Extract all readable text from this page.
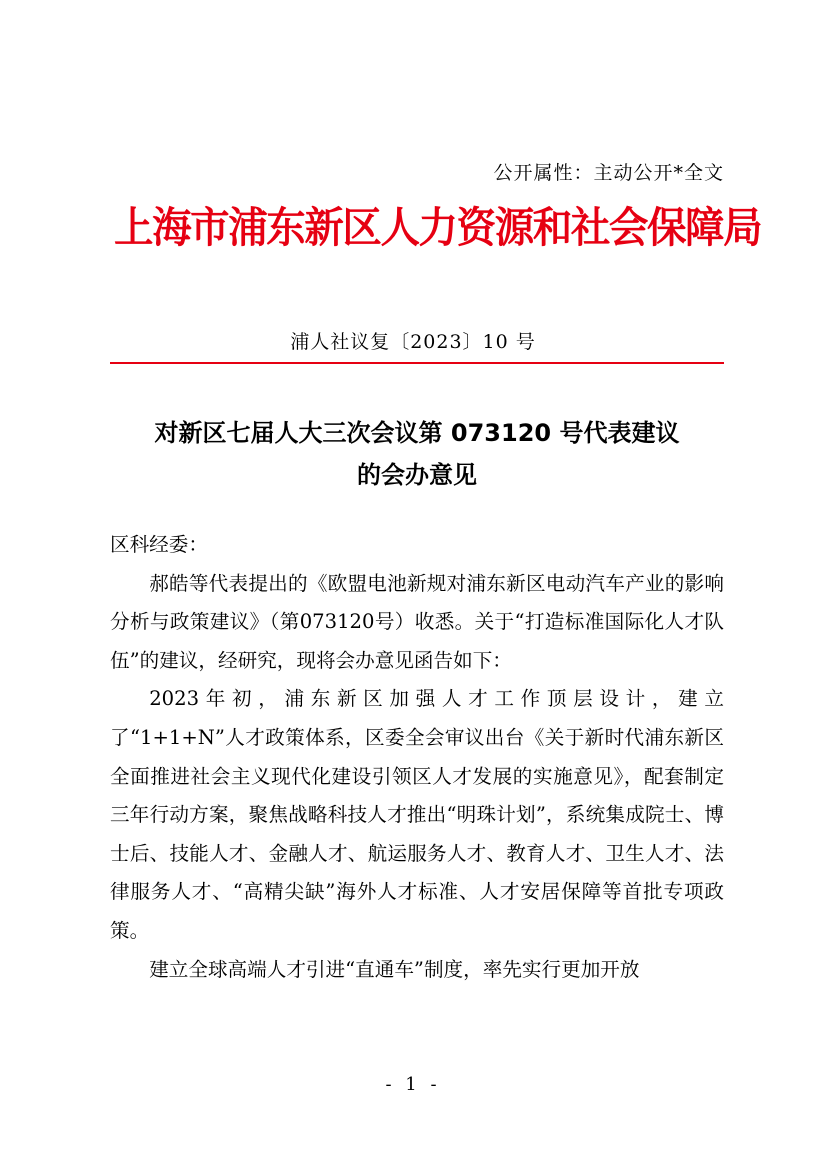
公开属性：主动公开*全文
上海市浦东新区人力资源和社会保障局
浦人社议复〔2023〕10 号
对新区七届人大三次会议第 073120 号代表建议
的会办意见

区科经委：

郝皓等代表提出的《欧盟电池新规对浦东新区电动汽车产业的影响分析与政策建议》（第073120号）收悉。关于“打造标准国际化人才队伍”的建议，经研究，现将会办意见函告如下：

2023年初，浦东新区加强人才工作顶层设计，建立了“1+1+N”人才政策体系，区委全会审议出台《关于新时代浦东新区全面推进社会主义现代化建设引领区人才发展的实施意见》，配套制定三年行动方案，聚焦战略科技人才推出“明珠计划”，系统集成院士、博士后、技能人才、金融人才、航运服务人才、教育人才、卫生人才、法律服务人才、“高精尖缺”海外人才标准、人才安居保障等首批专项政策。

建立全球高端人才引进“直通车”制度，率先实行更加开放

- 1 -
